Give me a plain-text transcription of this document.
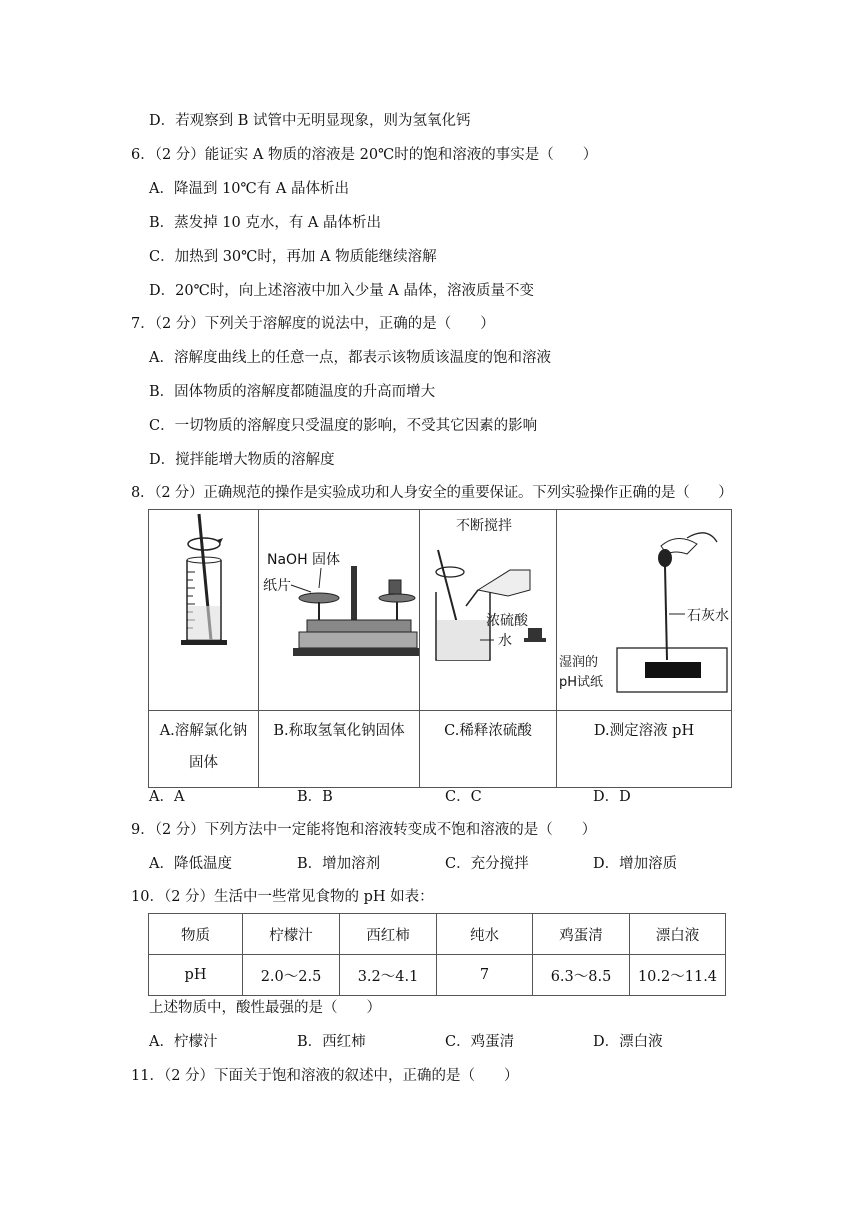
D．若观察到 B 试管中无明显现象，则为氢氧化钙
6．（2 分）能证实 A 物质的溶液是 20℃时的饱和溶液的事实是（　　）
A．降温到 10℃有 A 晶体析出
B．蒸发掉 10 克水，有 A 晶体析出
C．加热到 30℃时，再加 A 物质能继续溶解
D．20℃时，向上述溶液中加入少量 A 晶体，溶液质量不变
7．（2 分）下列关于溶解度的说法中，正确的是（　　）
A．溶解度曲线上的任意一点，都表示该物质该温度的饱和溶液
B．固体物质的溶解度都随温度的升高而增大
C．一切物质的溶解度只受温度的影响，不受其它因素的影响
D．搅拌能增大物质的溶解度
8．（2 分）正确规范的操作是实验成功和人身安全的重要保证。下列实验操作正确的是（　　）

NaOH 固体
纸片	不断搅拌
浓硫酸
水	石灰水
湿润的
pH试纸

A.溶解氯化钠
固体	B.称取氢氧化钠固体	C.稀释浓硫酸	D.测定溶液 pH
A．A	B．B	C．C	D．D
9．（2 分）下列方法中一定能将饱和溶液转变成不饱和溶液的是（　　）
A．降低温度	B．增加溶剂	C．充分搅拌	D．增加溶质
10．（2 分）生活中一些常见食物的 pH 如表：
物质	柠檬汁	西红柿	纯水	鸡蛋清	漂白液
pH	2.0～2.5	3.2～4.1	7	6.3～8.5	10.2～11.4
上述物质中，酸性最强的是（　　）
A．柠檬汁	B．西红柿	C．鸡蛋清	D．漂白液
11．（2 分）下面关于饱和溶液的叙述中，正确的是（　　）
